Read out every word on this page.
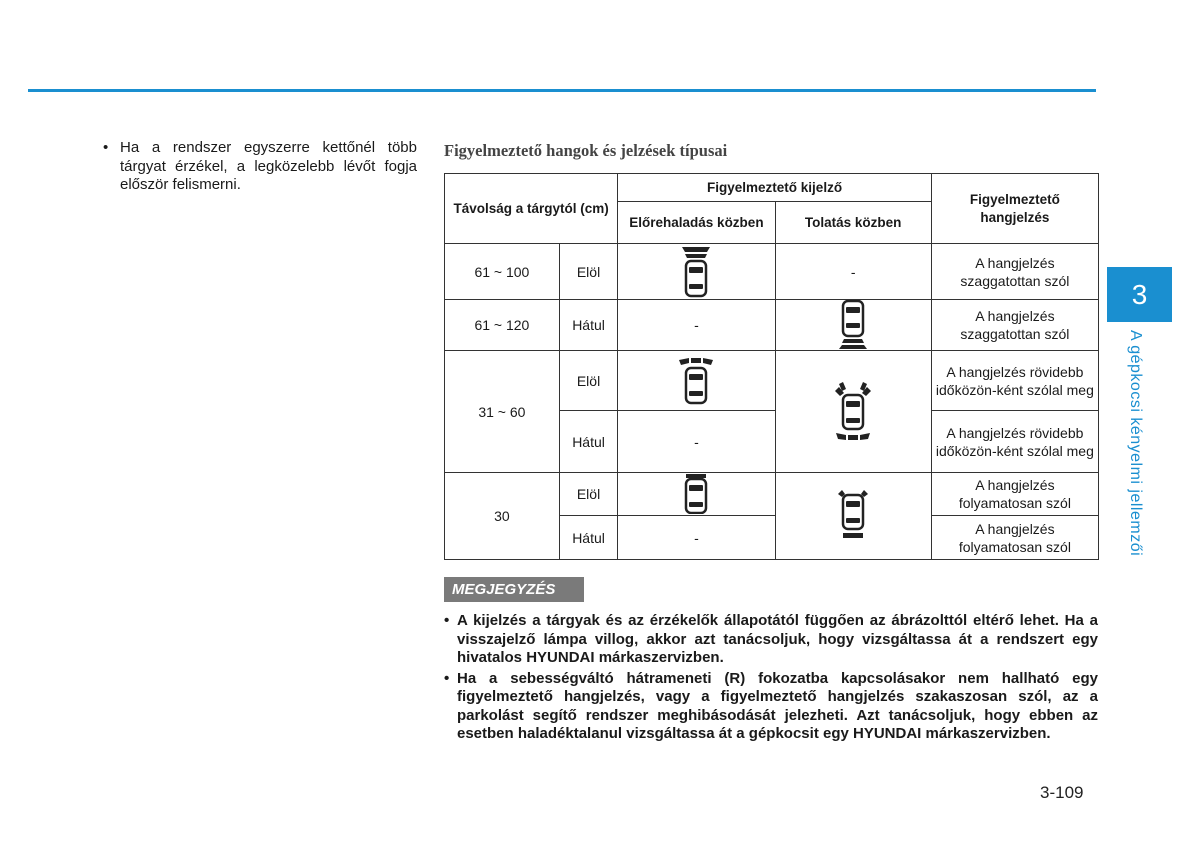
• Ha a rendszer egyszerre kettőnél több tárgyat érzékel, a legközelebb lévőt fogja először felismerni.
Figyelmeztető hangok és jelzések típusai
Távolság a tárgytól (cm)		Figyelmeztető kijelző		Figyelmeztető hangjelzés
		Előrehaladás közben	Tolatás közben	
61 ~ 100	Elöl		-	A hangjelzés szaggatottan szól
61 ~ 120	Hátul	-		A hangjelzés szaggatottan szól
31 ~ 60	Elöl			A hangjelzés rövidebb időközön-ként szólal meg
	Hátul	-		A hangjelzés rövidebb időközön-ként szólal meg
30	Elöl			A hangjelzés folyamatosan szól
	Hátul	-		A hangjelzés folyamatosan szól
MEGJEGYZÉS
• A kijelzés a tárgyak és az érzékelők állapotától függően az ábrázolttól eltérő lehet. Ha a visszajelző lámpa villog, akkor azt tanácsoljuk, hogy vizsgáltassa át a rendszert egy hivatalos HYUNDAI márkaszervizben.
• Ha a sebességváltó hátrameneti (R) fokozatba kapcsolásakor nem hallható egy figyelmeztető hangjelzés, vagy a figyelmeztető hangjelzés szakaszosan szól, az a parkolást segítő rendszer meghibásodását jelezheti. Azt tanácsoljuk, hogy ebben az esetben haladéktalanul vizsgáltassa át a gépkocsit egy HYUNDAI márkaszervizben.
3
A gépkocsi kényelmi jellemzői
3-109
